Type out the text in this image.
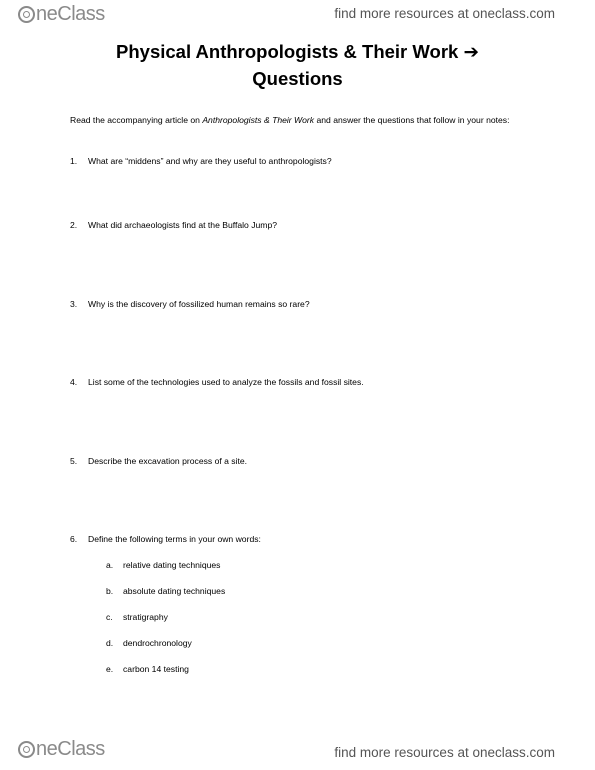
neClass	find more resources at oneclass.com
Physical Anthropologists & Their Work ➔
Questions
Read the accompanying article on Anthropologists & Their Work and answer the questions that follow in your notes:
1. What are “middens” and why are they useful to anthropologists?
2. What did archaeologists find at the Buffalo Jump?
3. Why is the discovery of fossilized human remains so rare?
4. List some of the technologies used to analyze the fossils and fossil sites.
5. Describe the excavation process of a site.
6. Define the following terms in your own words:
a. relative dating techniques
b. absolute dating techniques
c. stratigraphy
d. dendrochronology
e. carbon 14 testing
neClass	find more resources at oneclass.com
